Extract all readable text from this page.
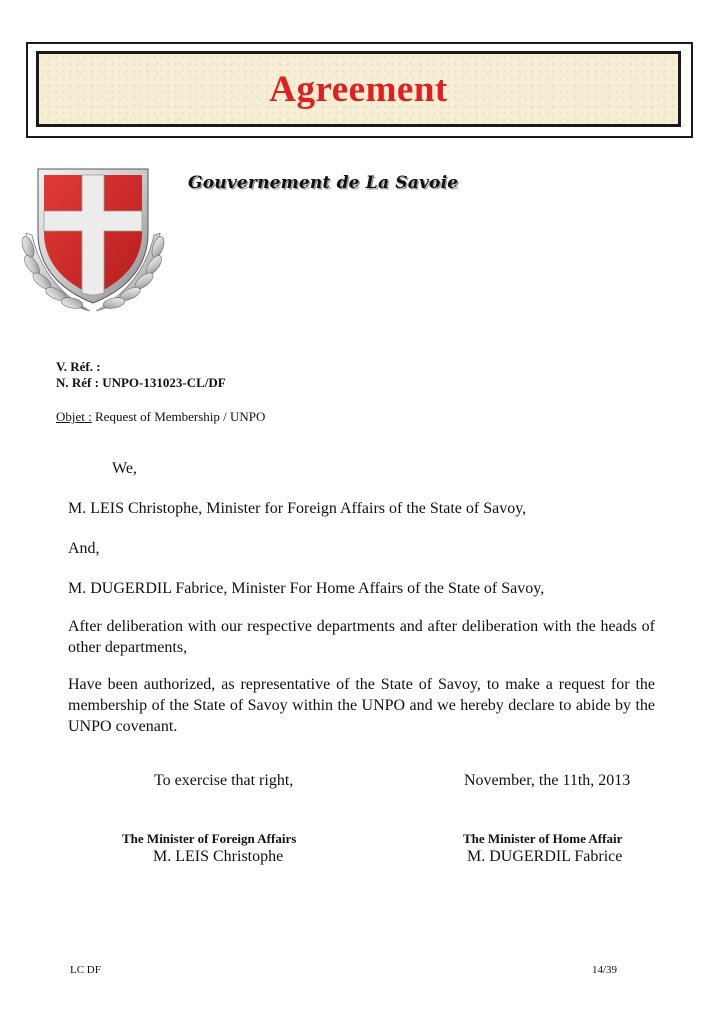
Agreement
Gouvernement de La Savoie
V. Réf. :
N. Réf : UNPO-131023-CL/DF
Objet : Request of Membership / UNPO
We,
M. LEIS Christophe, Minister for Foreign Affairs of the State of Savoy,
And,
M. DUGERDIL Fabrice, Minister For Home Affairs of the State of Savoy,
After deliberation with our respective departments and after deliberation with the heads of other departments,
Have been authorized, as representative of the State of Savoy, to make a request for the membership of the State of Savoy within the UNPO and we hereby declare to abide by the UNPO covenant.
To exercise that right,	November, the 11th, 2013
The Minister of Foreign Affairs
M. LEIS Christophe
The Minister of Home Affair
M. DUGERDIL Fabrice
LC DF	14/39
